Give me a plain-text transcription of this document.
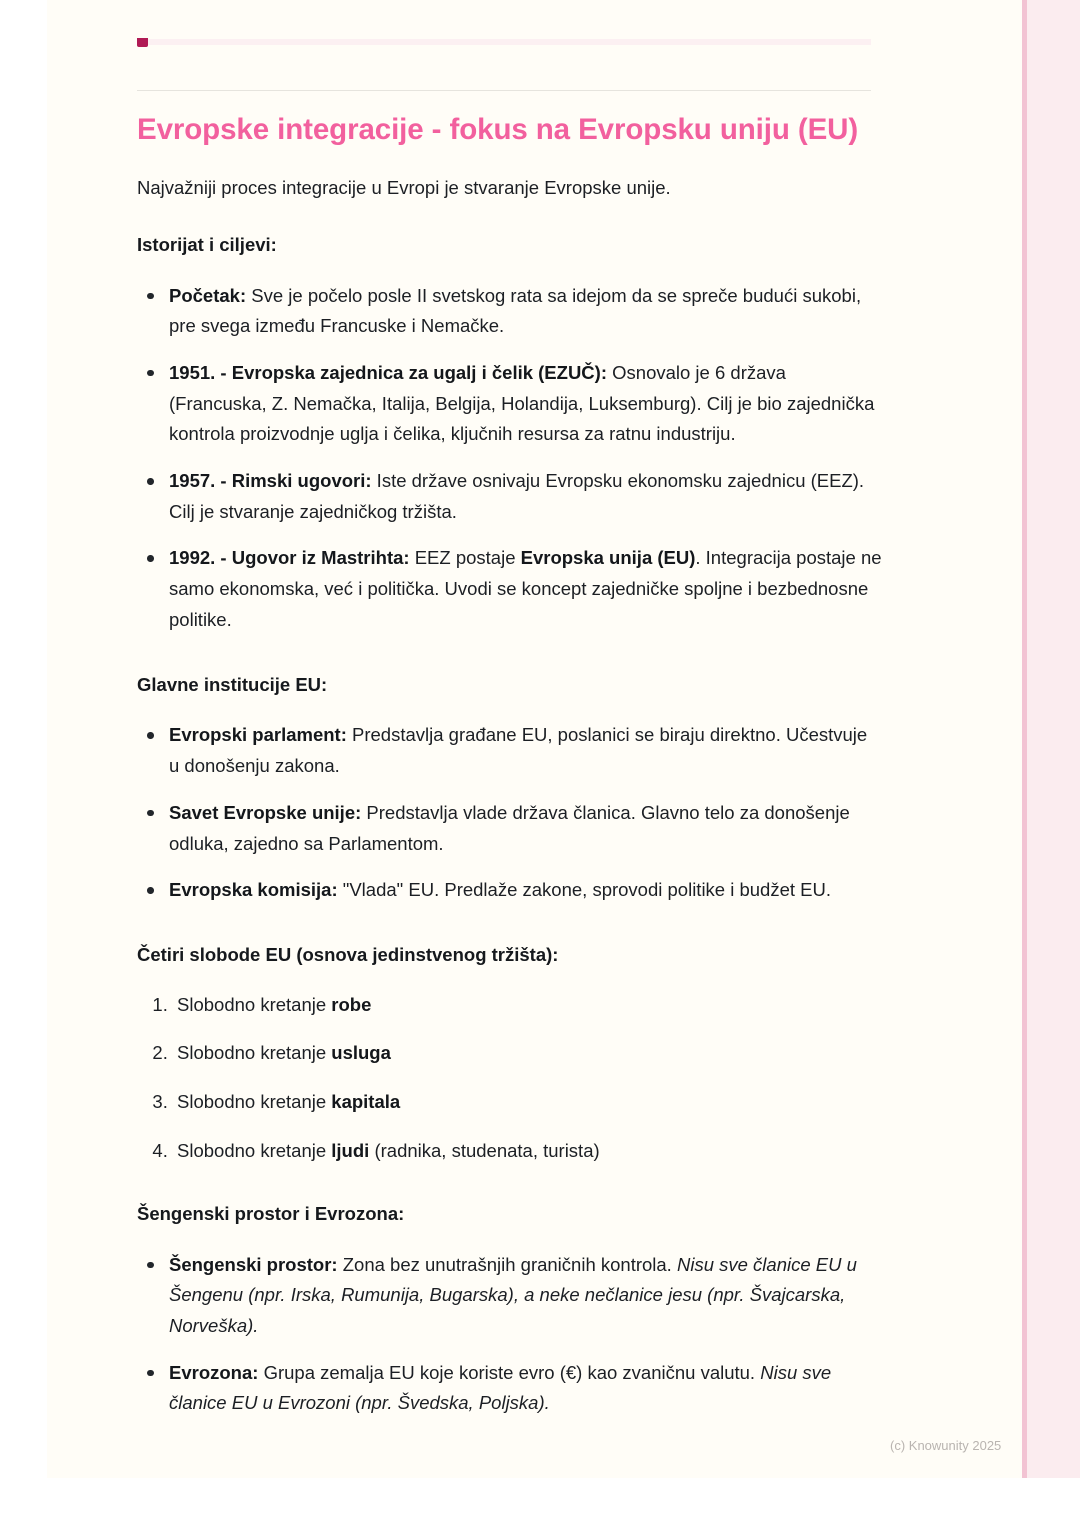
Evropske integracije - fokus na Evropsku uniju (EU)

Najvažniji proces integracije u Evropi je stvaranje Evropske unije.

Istorijat i ciljevi:
Početak: Sve je počelo posle II svetskog rata sa idejom da se spreče budući sukobi, pre svega između Francuske i Nemačke.
1951. - Evropska zajednica za ugalj i čelik (EZUČ): Osnovalo je 6 država (Francuska, Z. Nemačka, Italija, Belgija, Holandija, Luksemburg). Cilj je bio zajednička kontrola proizvodnje uglja i čelika, ključnih resursa za ratnu industriju.
1957. - Rimski ugovori: Iste države osnivaju Evropsku ekonomsku zajednicu (EEZ). Cilj je stvaranje zajedničkog tržišta.
1992. - Ugovor iz Mastrihta: EEZ postaje Evropska unija (EU). Integracija postaje ne samo ekonomska, već i politička. Uvodi se koncept zajedničke spoljne i bezbednosne politike.
Glavne institucije EU:
Evropski parlament: Predstavlja građane EU, poslanici se biraju direktno. Učestvuje u donošenju zakona.
Savet Evropske unije: Predstavlja vlade država članica. Glavno telo za donošenje odluka, zajedno sa Parlamentom.
Evropska komisija: "Vlada" EU. Predlaže zakone, sprovodi politike i budžet EU.
Četiri slobode EU (osnova jedinstvenog tržišta):
1. Slobodno kretanje robe
2. Slobodno kretanje usluga
3. Slobodno kretanje kapitala
4. Slobodno kretanje ljudi (radnika, studenata, turista)
Šengenski prostor i Evrozona:
Šengenski prostor: Zona bez unutrašnjih graničnih kontrola. Nisu sve članice EU u Šengenu (npr. Irska, Rumunija, Bugarska), a neke nečlanice jesu (npr. Švajcarska, Norveška).
Evrozona: Grupa zemalja EU koje koriste evro (€) kao zvaničnu valutu. Nisu sve članice EU u Evrozoni (npr. Švedska, Poljska).
(c) Knowunity 2025
